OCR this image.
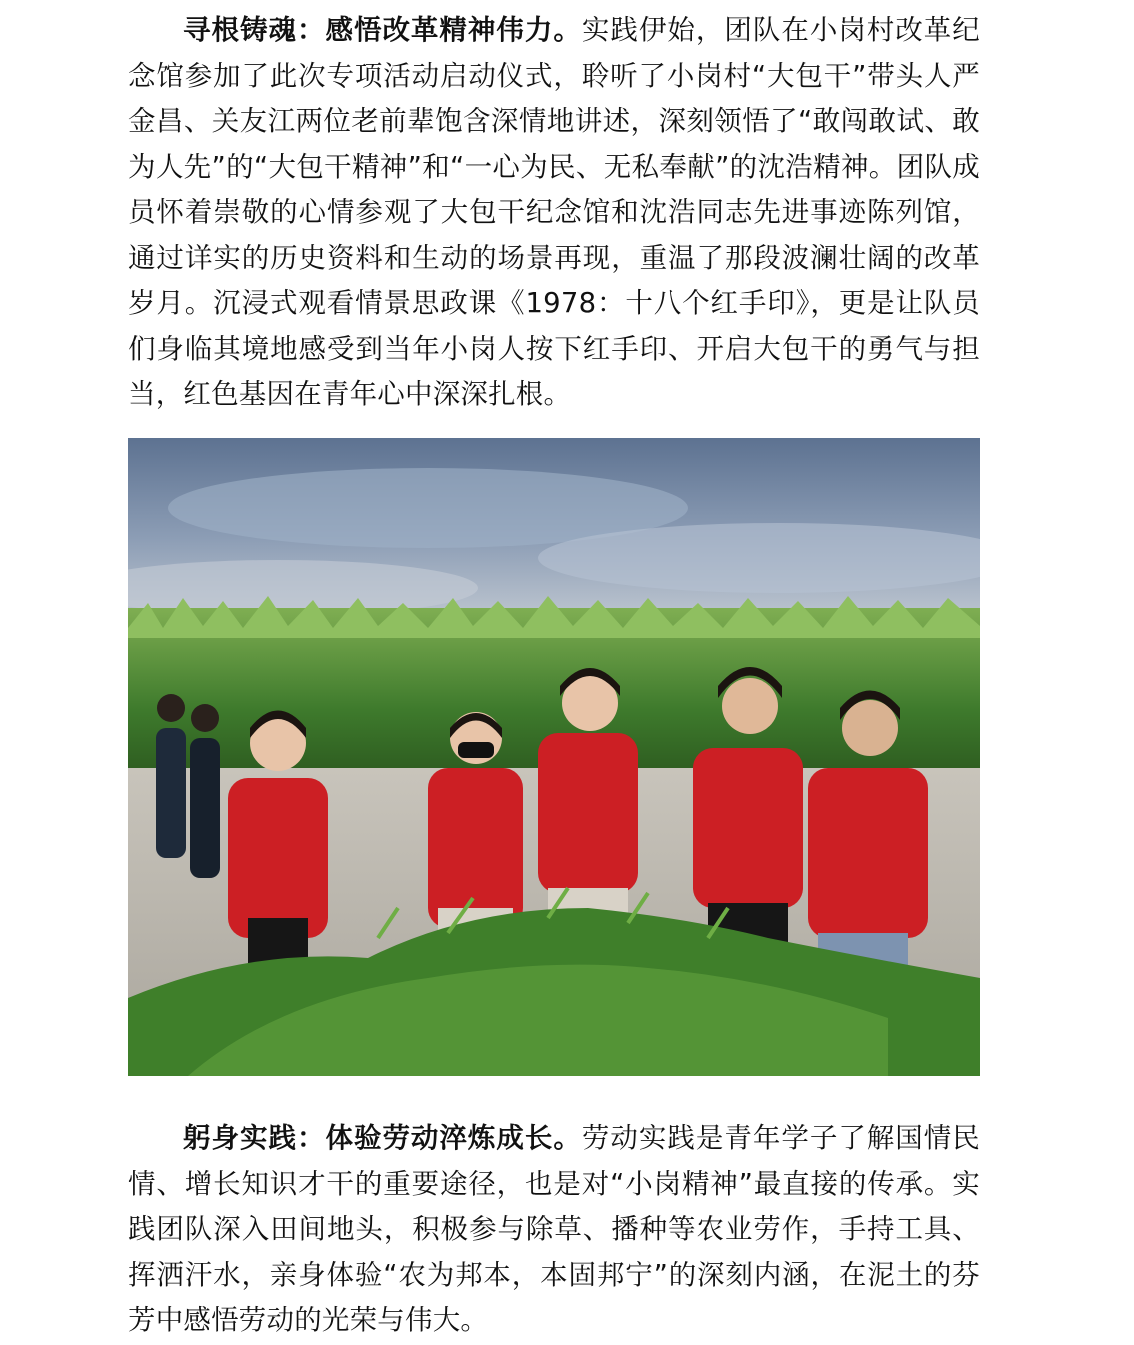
寻根铸魂：感悟改革精神伟力。实践伊始，团队在小岗村改革纪念馆参加了此次专项活动启动仪式，聆听了小岗村“大包干”带头人严金昌、关友江两位老前辈饱含深情地讲述，深刻领悟了“敢闯敢试、敢为人先”的“大包干精神”和“一心为民、无私奉献”的沈浩精神。团队成员怀着崇敬的心情参观了大包干纪念馆和沈浩同志先进事迹陈列馆，通过详实的历史资料和生动的场景再现，重温了那段波澜壮阔的改革岁月。沉浸式观看情景思政课《1978：十八个红手印》，更是让队员们身临其境地感受到当年小岗人按下红手印、开启大包干的勇气与担当，红色基因在青年心中深深扎根。

躬身实践：体验劳动淬炼成长。劳动实践是青年学子了解国情民情、增长知识才干的重要途径，也是对“小岗精神”最直接的传承。实践团队深入田间地头，积极参与除草、播种等农业劳作，手持工具、挥洒汗水，亲身体验“农为邦本，本固邦宁”的深刻内涵，在泥土的芬芳中感悟劳动的光荣与伟大。
